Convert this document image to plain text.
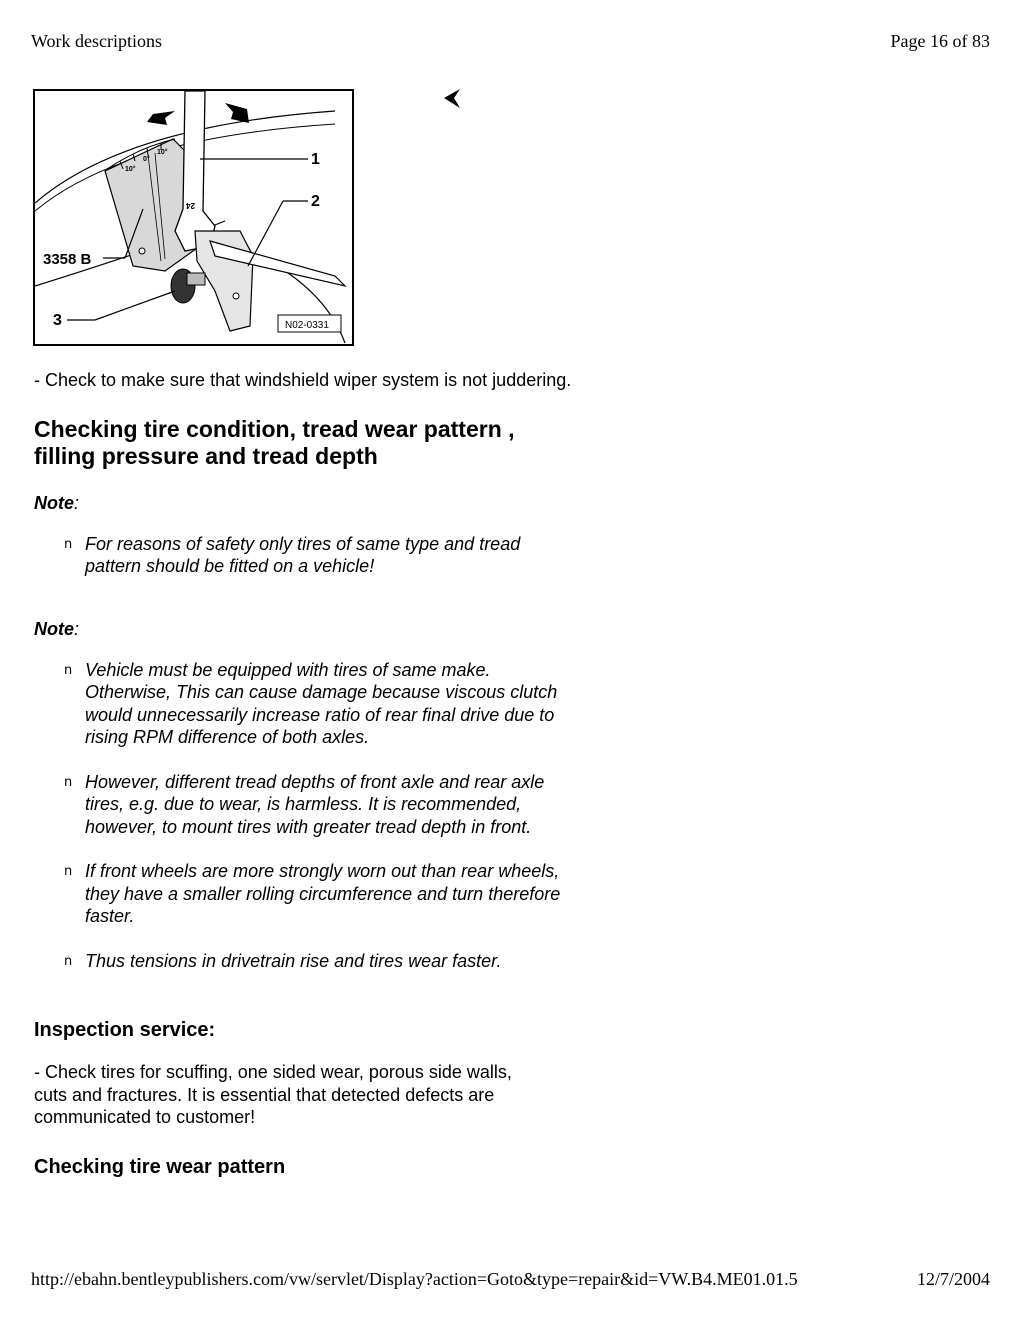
Work descriptions	Page 16 of 83
10°
0°
10°
24
1
2
3
3358 B
N02-0331

- Check to make sure that windshield wiper system is not juddering.

Checking tire condition, tread wear pattern , filling pressure and tread depth
Note:
n For reasons of safety only tires of same type and tread pattern should be fitted on a vehicle!
Note:
n Vehicle must be equipped with tires of same make. Otherwise, This can cause damage because viscous clutch would unnecessarily increase ratio of rear final drive due to rising RPM difference of both axles.
n However, different tread depths of front axle and rear axle tires, e.g. due to wear, is harmless. It is recommended, however, to mount tires with greater tread depth in front.
n If front wheels are more strongly worn out than rear wheels, they have a smaller rolling circumference and turn therefore faster.
n Thus tensions in drivetrain rise and tires wear faster.
Inspection service:

- Check tires for scuffing, one sided wear, porous side walls, cuts and fractures. It is essential that detected defects are communicated to customer!

Checking tire wear pattern
http://ebahn.bentleypublishers.com/vw/servlet/Display?action=Goto&type=repair&id=VW.B4.ME01.01.5	12/7/2004
